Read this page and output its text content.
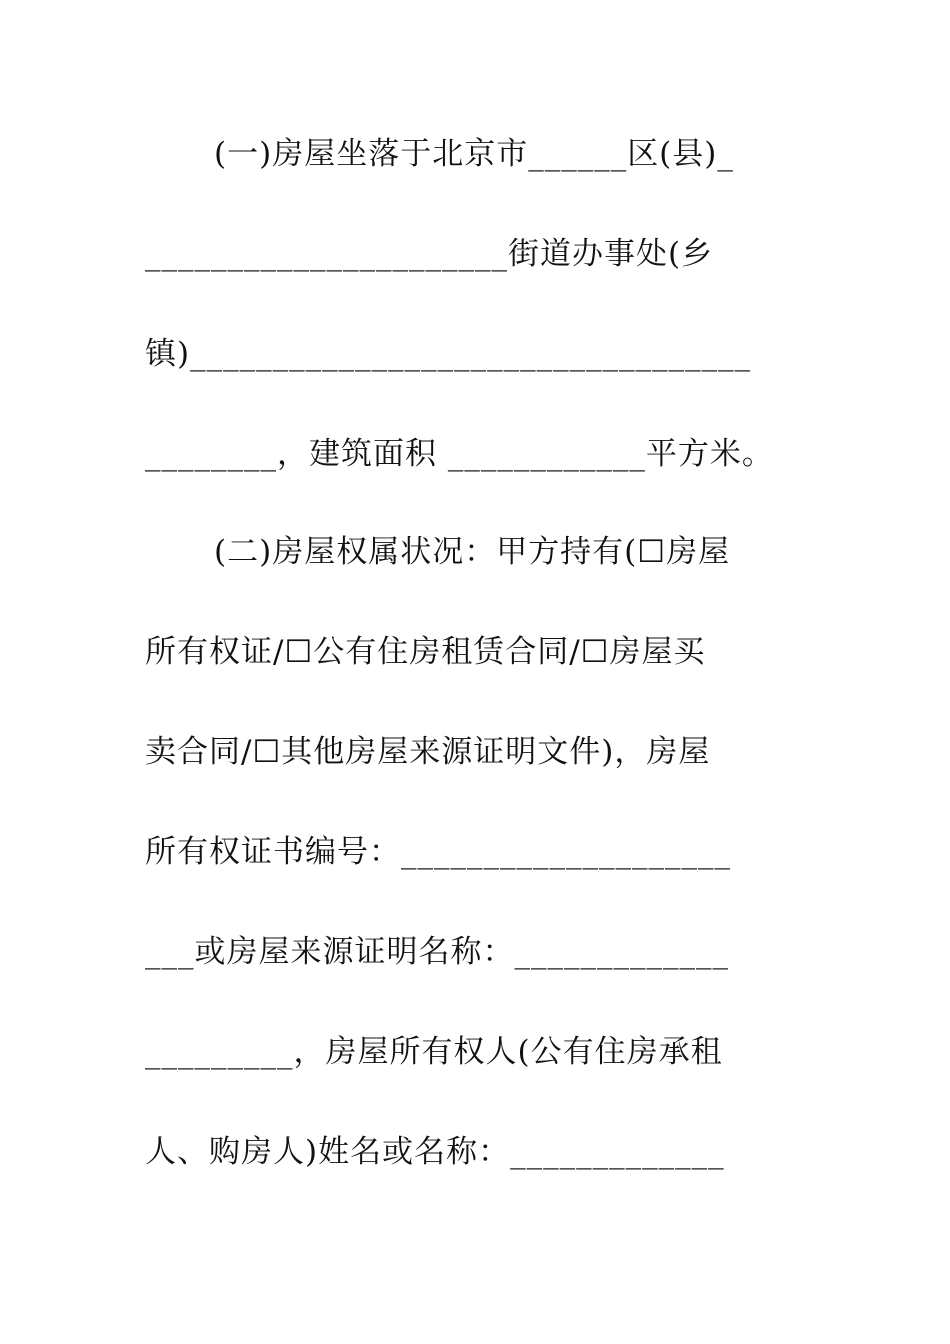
(一)房屋坐落于北京市______区(县)_
______________________街道办事处(乡
镇)__________________________________
________，建筑面积 ____________平方米。
(二)房屋权属状况：甲方持有(☐房屋
所有权证/☐公有住房租赁合同/☐房屋买
卖合同/☐其他房屋来源证明文件)，房屋
所有权证书编号：____________________
___或房屋来源证明名称：_____________
_________，房屋所有权人(公有住房承租
人、购房人)姓名或名称：_____________
